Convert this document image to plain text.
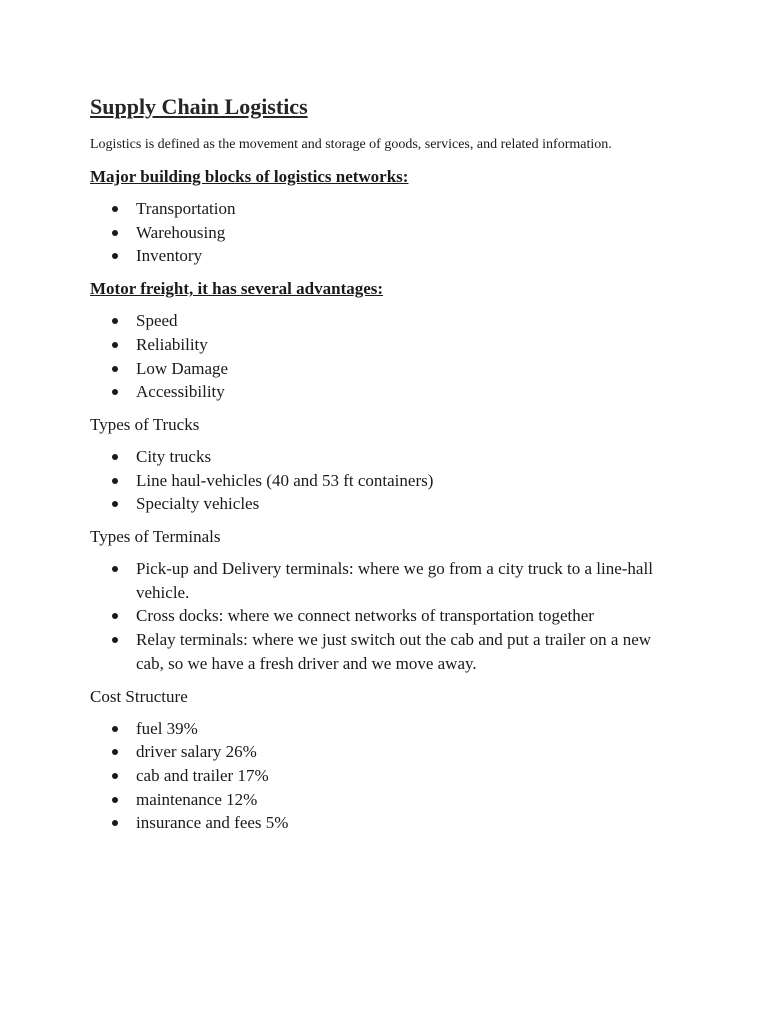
Supply Chain Logistics

Logistics is defined as the movement and storage of goods, services, and related information.

Major building blocks of logistics networks:
Transportation
Warehousing
Inventory
Motor freight, it has several advantages:
Speed
Reliability
Low Damage
Accessibility
Types of Trucks
City trucks
Line haul-vehicles (40 and 53 ft containers)
Specialty vehicles
Types of Terminals
Pick-up and Delivery terminals: where we go from a city truck to a line-hall vehicle.
Cross docks: where we connect networks of transportation together
Relay terminals: where we just switch out the cab and put a trailer on a new cab, so we have a fresh driver and we move away.
Cost Structure
fuel 39%
driver salary 26%
cab and trailer 17%
maintenance 12%
insurance and fees 5%
